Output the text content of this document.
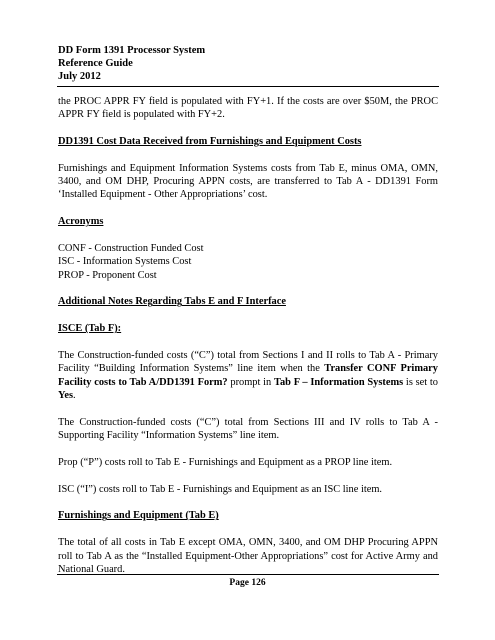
DD Form 1391 Processor System
Reference Guide
July 2012

the PROC APPR FY field is populated with FY+1. If the costs are over $50M, the PROC APPR FY field is populated with FY+2.

DD1391 Cost Data Received from Furnishings and Equipment Costs

Furnishings and Equipment Information Systems costs from Tab E, minus OMA, OMN, 3400, and OM DHP, Procuring APPN costs, are transferred to Tab A - DD1391 Form ‘Installed Equipment - Other Appropriations’ cost.

Acronyms

CONF - Construction Funded Cost

ISC - Information Systems Cost

PROP - Proponent Cost

Additional Notes Regarding Tabs E and F Interface
ISCE (Tab F):

The Construction-funded costs (“C”) total from Sections I and II rolls to Tab A - Primary Facility “Building Information Systems” line item when the Transfer CONF Primary Facility costs to Tab A/DD1391 Form? prompt in Tab F – Information Systems is set to Yes.

The Construction-funded costs (“C”) total from Sections III and IV rolls to Tab A - Supporting Facility “Information Systems” line item.

Prop (“P”) costs roll to Tab E - Furnishings and Equipment as a PROP line item.

ISC (“I”) costs roll to Tab E - Furnishings and Equipment as an ISC line item.

Furnishings and Equipment (Tab E)

The total of all costs in Tab E except OMA, OMN, 3400, and OM DHP Procuring APPN roll to Tab A as the “Installed Equipment-Other Appropriations” cost for Active Army and National Guard.

Page 126
